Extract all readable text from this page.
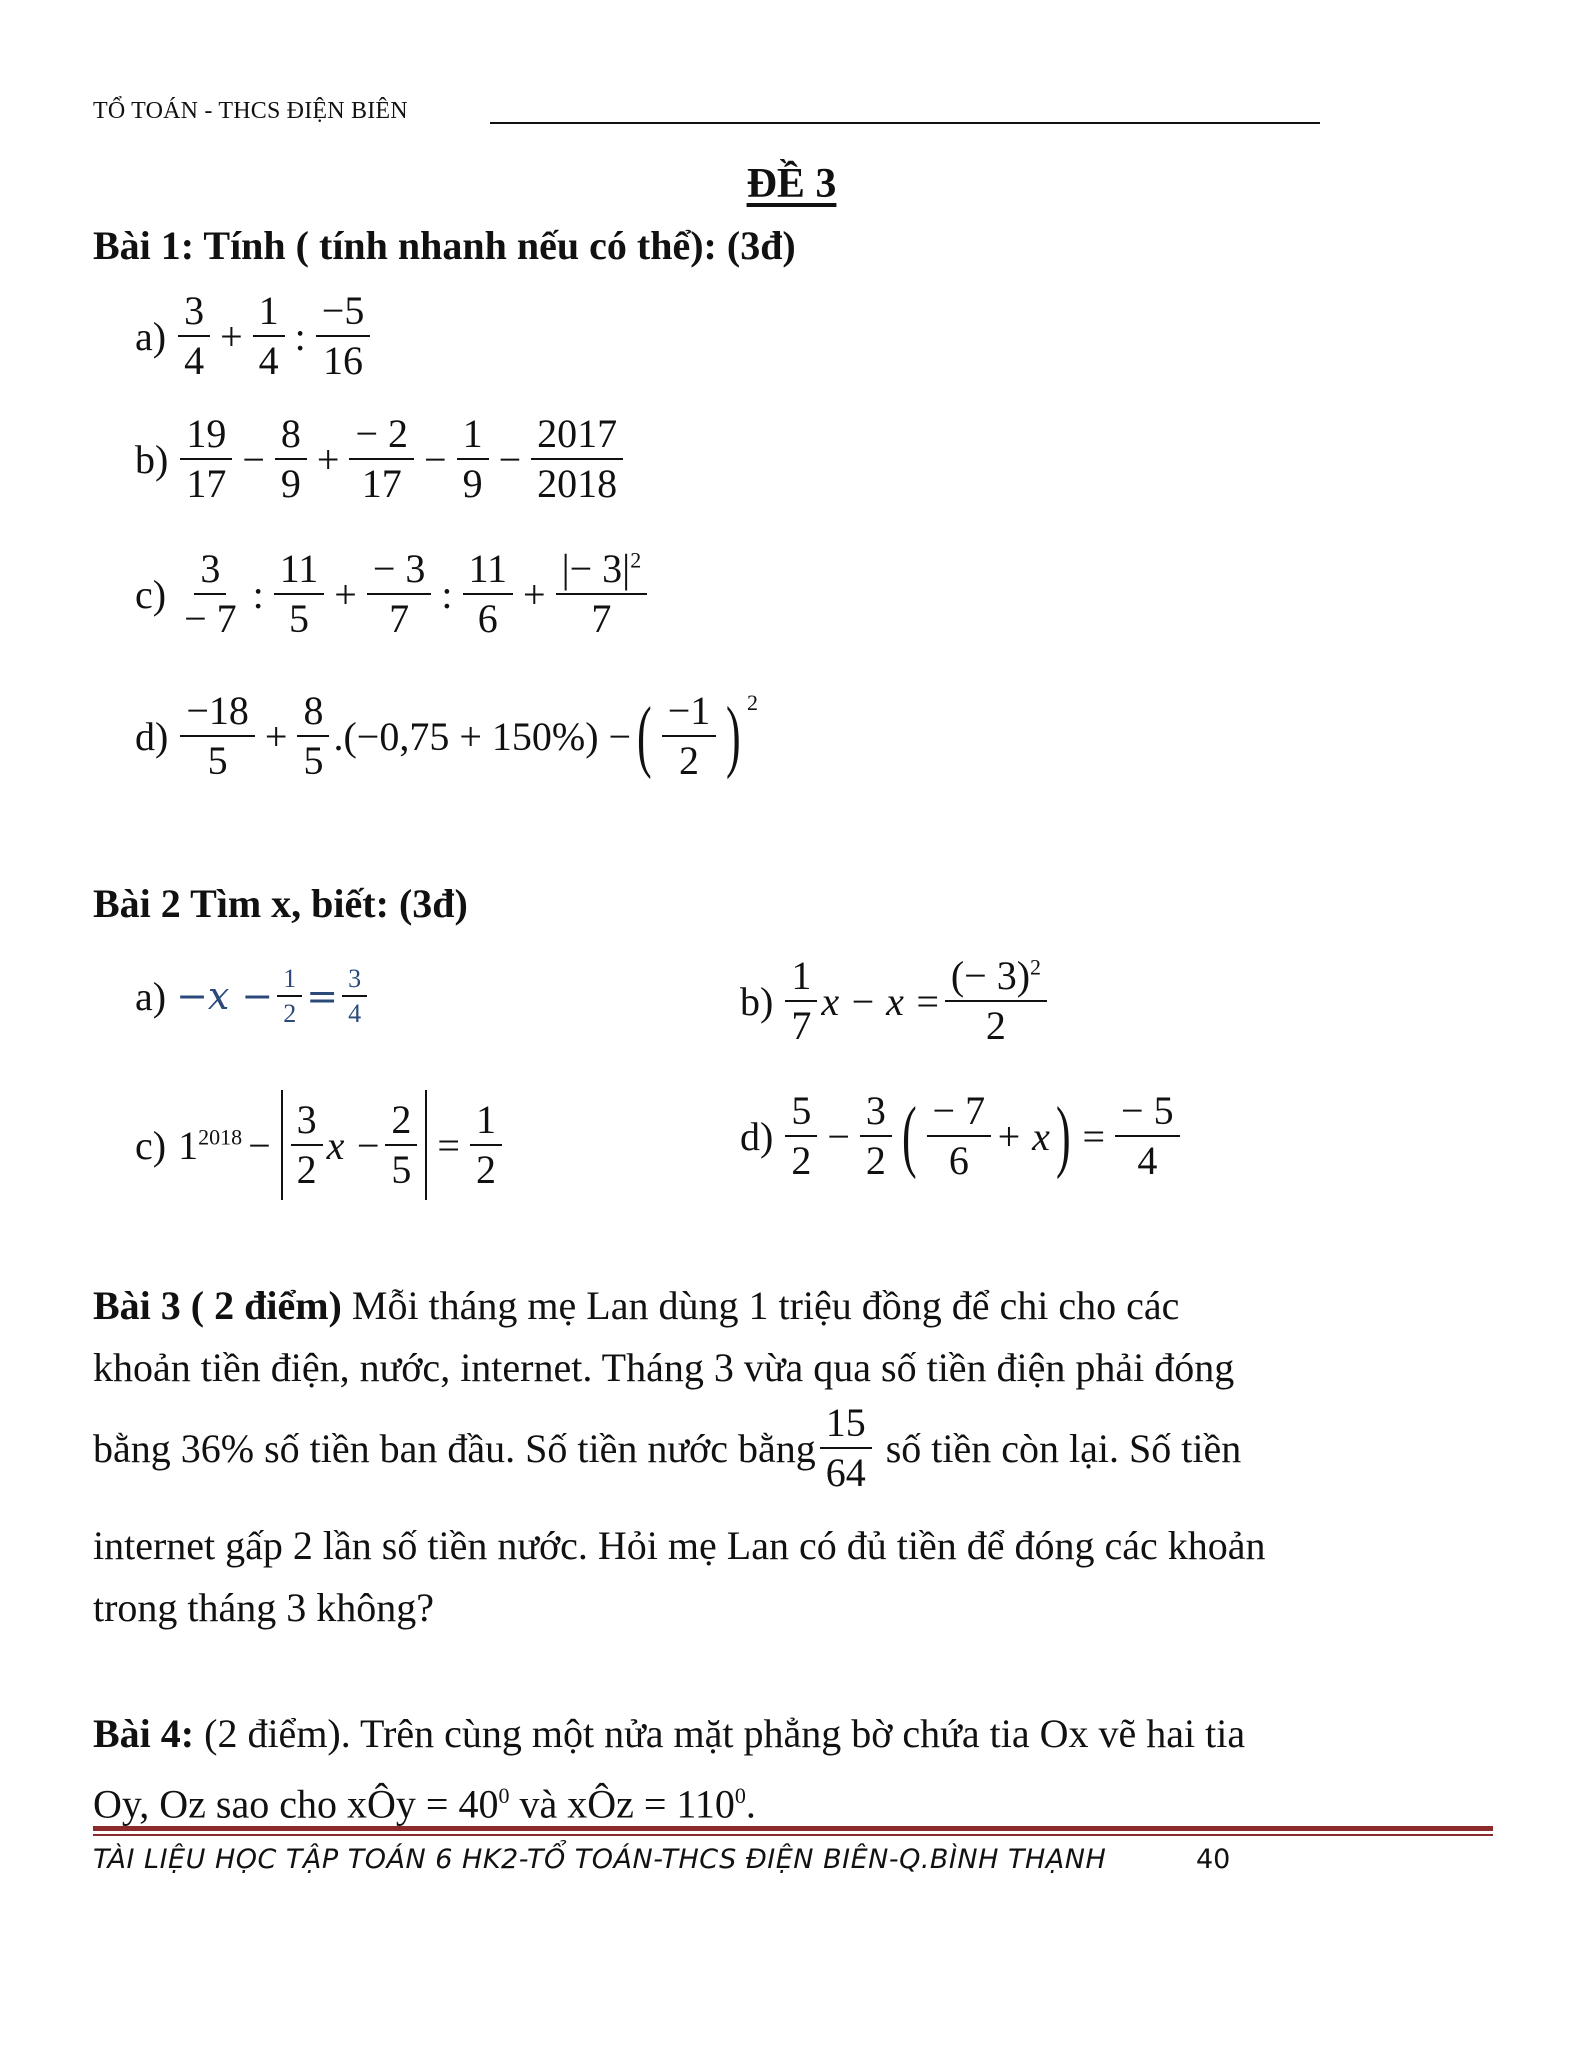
TỔ TOÁN - THCS ĐIỆN BIÊN
ĐỀ 3
Bài 1: Tính ( tính nhanh nếu có thể): (3đ)
$a) \frac{3}{4} + \frac{1}{4}$ : $\frac{-5}{16}$
$b) \frac{19}{17} - \frac{8}{9} + \frac{- 2}{17} - \frac{1}{9} - \frac{2017}{2018}$
$c) \frac{3}{- 7}$ : $\frac{11}{5} + \frac{- 3}{7}$ : $\frac{11}{6} + \frac{|- 3|^2}{7}$
$d) \frac{-18}{5} + \frac{8}{5} .(-0,75 + 150\%)$ − ( $\frac{-1}{2}$ ) $^2$
Bài 2 Tìm x, biết: (3đ)
$a) -x - \frac{1}{2} = \frac{3}{4}$	$b) \frac{1}{7}$ $x - x = \frac{(- 3)^2}{2}$
c) $1^{2018} - \frac{3}{2}$ $x - \frac{2}{5} = \frac{1}{2}$	$d) \frac{5}{2} - \frac{3}{2}$ ( $\frac{- 7}{6} + x$ ) = $\frac{- 5}{4}$
Bài 3 ( 2 điểm) Mỗi tháng mẹ Lan dùng 1 triệu đồng để chi cho các
khoản tiền điện, nước, internet. Tháng 3 vừa qua số tiền điện phải đóng
bằng 36% số tiền ban đầu. Số tiền nước bằng $\frac{15}{64}$ số tiền còn lại. Số tiền
internet gấp 2 lần số tiền nước. Hỏi mẹ Lan có đủ tiền để đóng các khoản
trong tháng 3 không?
Bài 4: (2 điểm). Trên cùng một nửa mặt phẳng bờ chứa tia Ox vẽ hai tia
Oy, Oz sao cho xÔy = $40^0$ và xÔz = $110^0$.
TÀI LIỆU HỌC TẬP TOÁN 6 HK2-TỔ TOÁN-THCS ĐIỆN BIÊN-Q.BÌNH THẠNH	40
